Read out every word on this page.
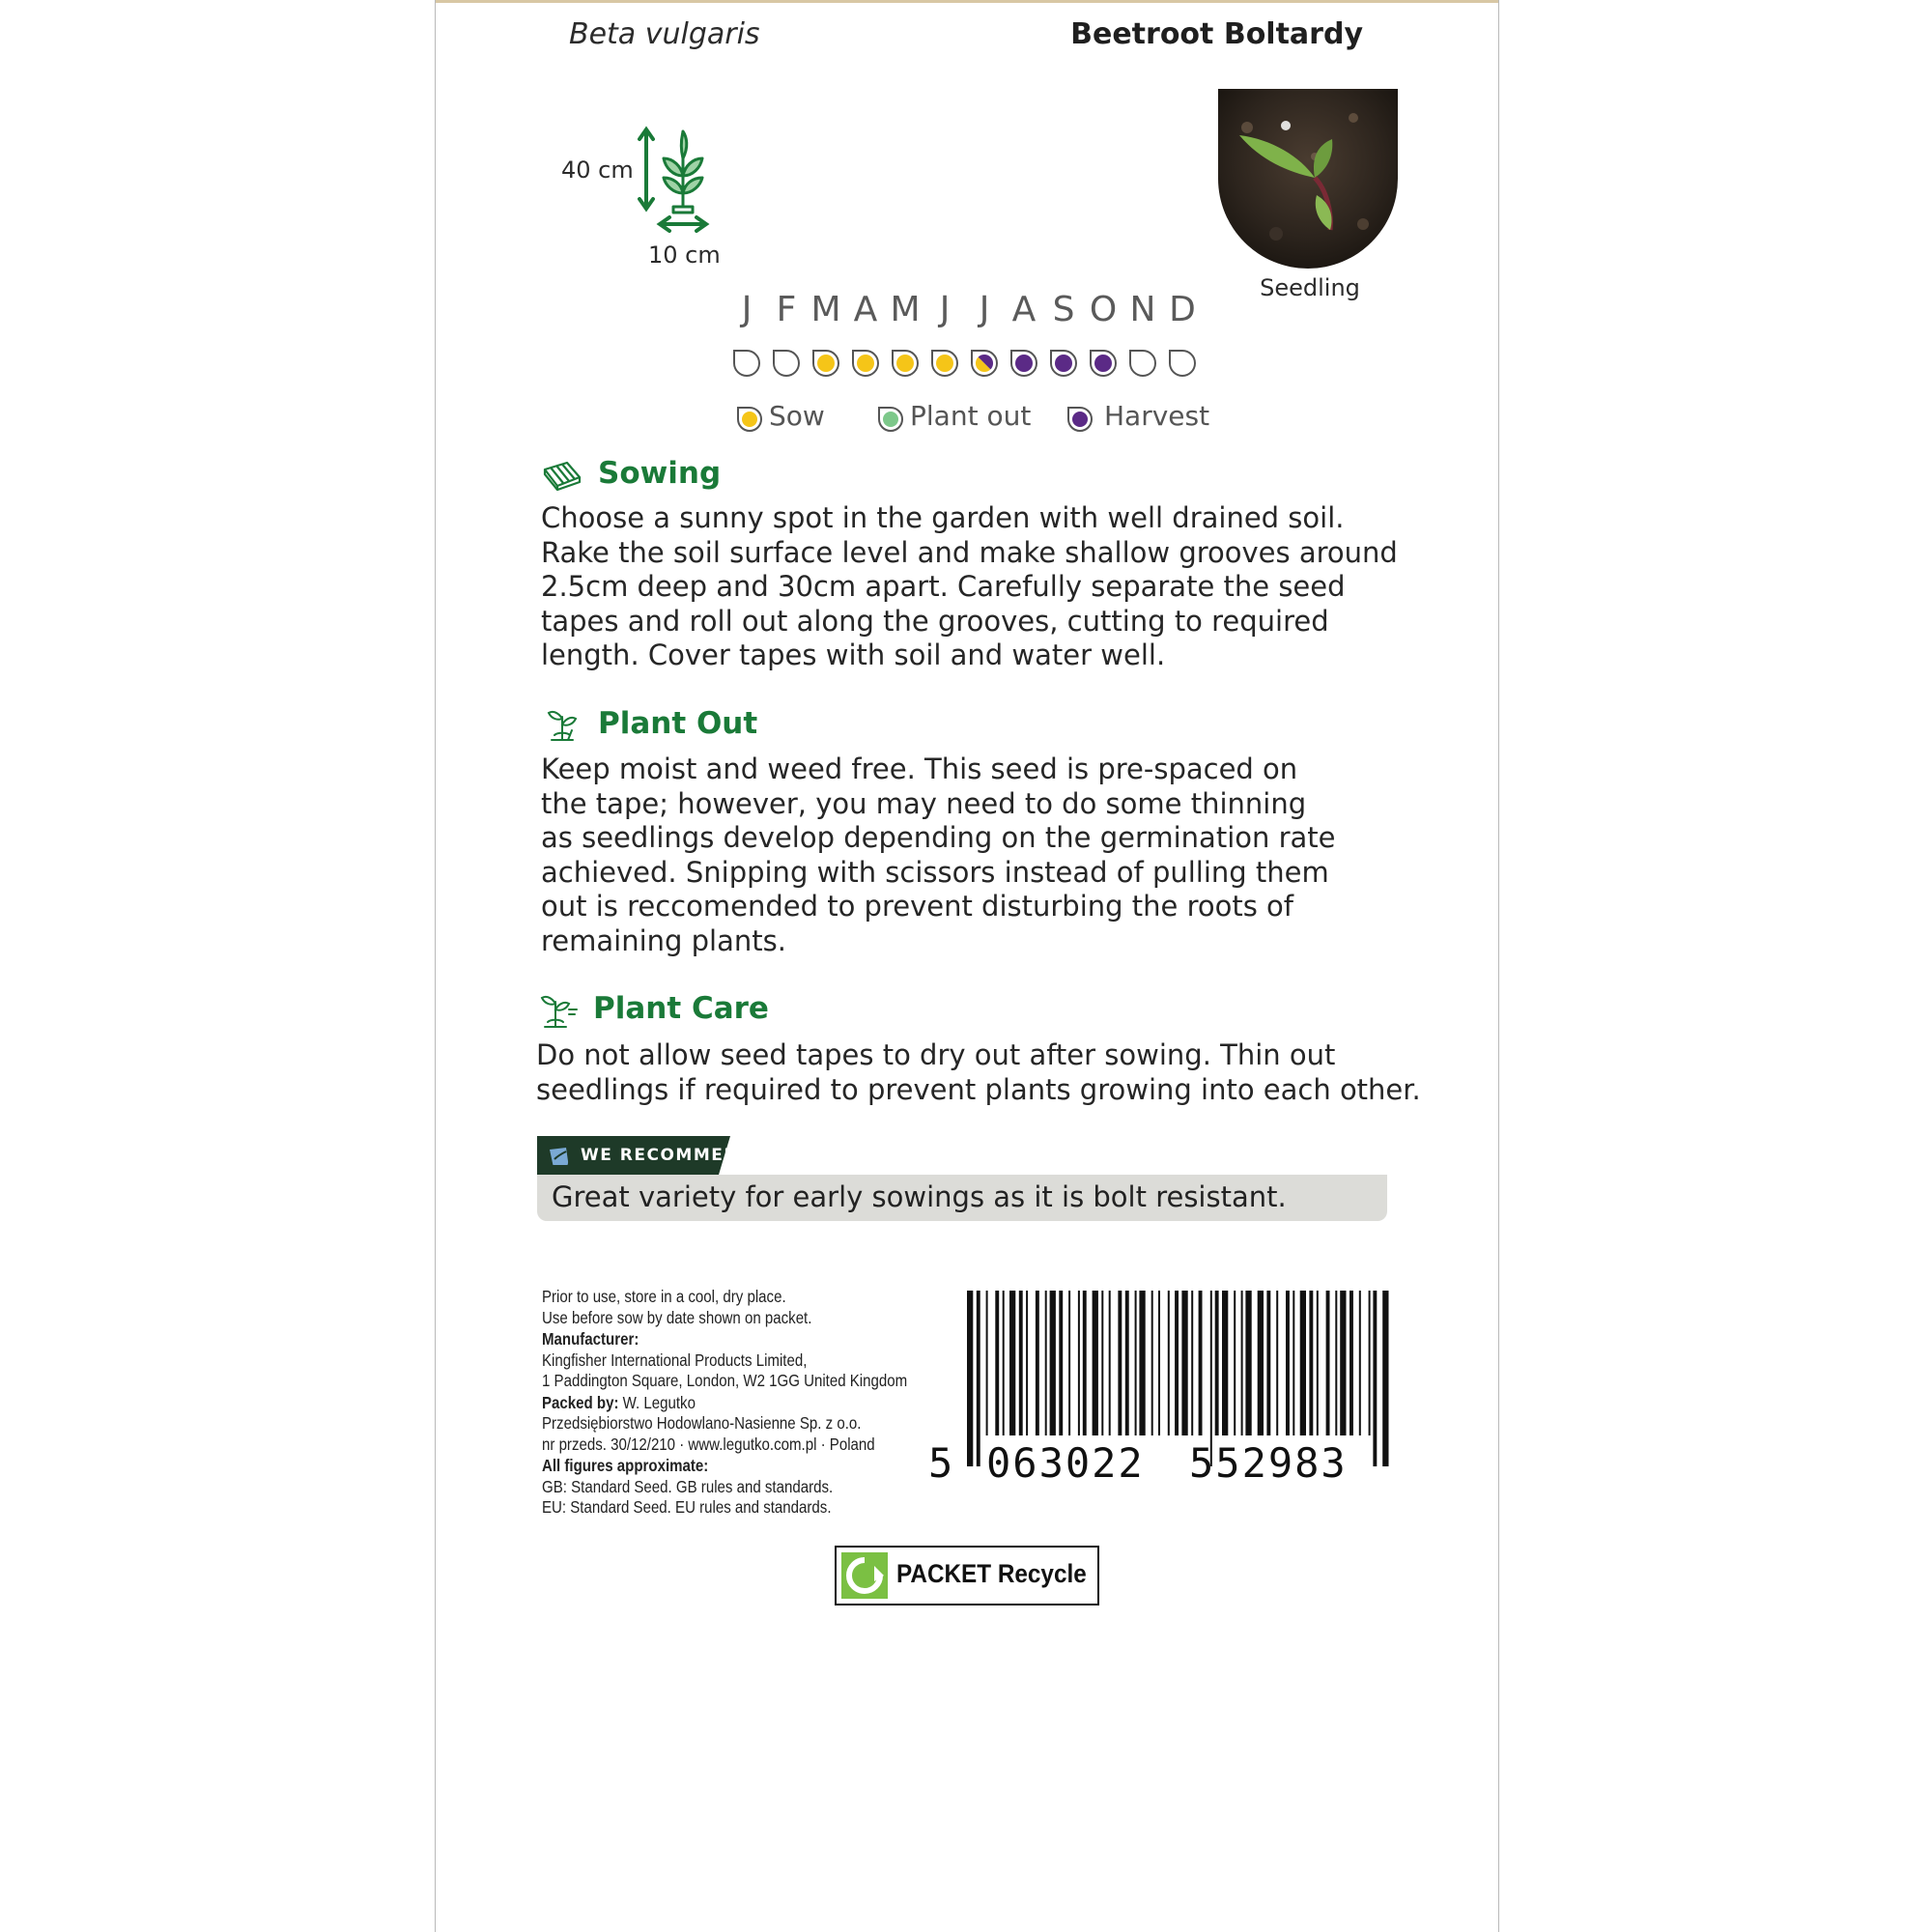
Beta vulgaris	Beetroot Boltardy
40 cm
10 cm
Seedling
J F M A M J J A S O N D
Sow	Plant out	Harvest
Sowing
Choose a sunny spot in the garden with well drained soil.
Rake the soil surface level and make shallow grooves around
2.5cm deep and 30cm apart. Carefully separate the seed
tapes and roll out along the grooves, cutting to required
length. Cover tapes with soil and water well.
Plant Out
Keep moist and weed free. This seed is pre-spaced on
the tape; however, you may need to do some thinning
as seedlings develop depending on the germination rate
achieved. Snipping with scissors instead of pulling them
out is reccomended to prevent disturbing the roots of
remaining plants.
Plant Care
Do not allow seed tapes to dry out after sowing. Thin out
seedlings if required to prevent plants growing into each other.
WE RECOMMEND:
Great variety for early sowings as it is bolt resistant.
Prior to use, store in a cool, dry place.
Use before sow by date shown on packet.
Manufacturer:
Kingfisher International Products Limited,
1 Paddington Square, London, W2 1GG United Kingdom
Packed by: W. Legutko
Przedsiębiorstwo Hodowlano-Nasienne Sp. z o.o.
nr przeds. 30/12/210 · www.legutko.com.pl · Poland
All figures approximate:
GB: Standard Seed. GB rules and standards.
EU: Standard Seed. EU rules and standards.
5 063022 552983
PACKET Recycle
